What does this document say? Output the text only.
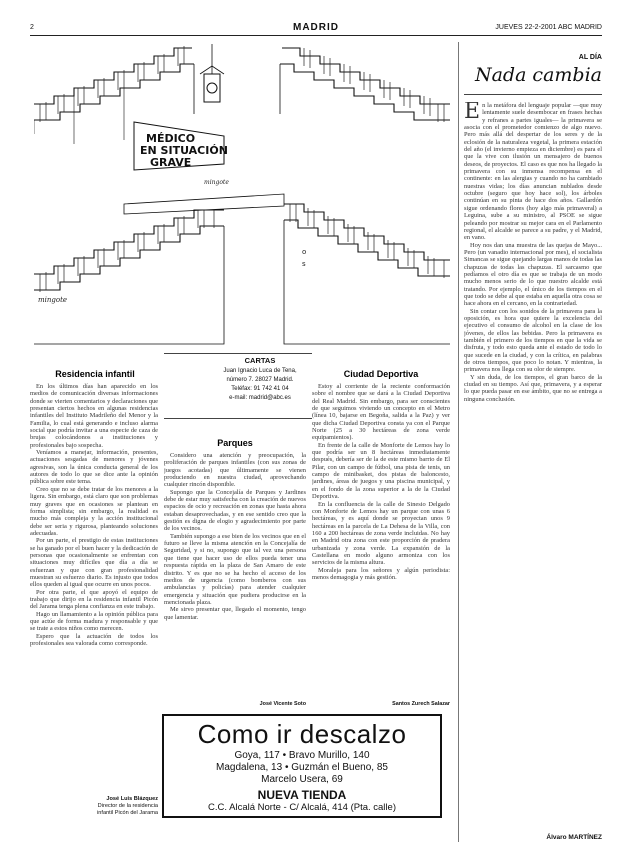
2	MADRID	JUEVES 22-2-2001 ABC MADRID
MÉDICO
EN SITUACIÓN
GRAVE
mingote
o
s
mingote
CARTAS
Juan Ignacio Luca de Tena,
número 7. 28027 Madrid.
Teléfax: 91 742 41 04
e-mail: madrid@abc.es
Residencia infantil

En los últimos días han aparecido en los medios de comunicación diversas informaciones donde se vierten comentarios y declaraciones que presentan ciertos hechos en algunas residencias infantiles del Instituto Madrileño del Menor y la Familia, lo cual está generando e incluso alarma social que podría invitar a una especie de caza de brujas colocándonos a instituciones y profesionales bajo sospecha.

Veníamos a manejar, información, presentes, actuaciones sesgadas de menores y jóvenes agresivas, son la única conducta general de los autores de todo lo que se dice ante la opinión pública sobre este tema.

Creo que no se debe tratar de los menores a la ligera. Sin embargo, está claro que son problemas muy graves que en ocasiones se plantean en forma simplista; sin embargo, la realidad es mucho más compleja y la acción institucional debe ser seria y rigurosa, planteando soluciones adecuadas.

Por un parte, el prestigio de estas instituciones se ha ganado por el buen hacer y la dedicación de personas que ocasionalmente se enfrentan con situaciones muy difíciles que día a día se esfuerzan y que con gran profesionalidad muestran su esfuerzo diario. Es injusto que todos ellos queden al igual que ocurre en unos pocos.

Por otra parte, el que apoyó el equipo de trabajo que dirijo en la residencia infantil Picón del Jarama tenga plena confianza en este trabajo.

Hago un llamamiento a la opinión pública para que actúe de forma madura y responsable y que se trate a estos niños como merecen.

Espero que la actuación de todos los profesionales sea valorada como corresponde.

José Luis Blázquez
Director de la residencia
infantil Picón del Jarama
Parques

Considero una atención y preocupación, la proliferación de parques infantiles (con sus zonas de juegos acotadas) que últimamente se vienen produciendo en nuestra ciudad, aprovechando cualquier rincón disponible.

Supongo que la Concejalía de Parques y Jardines debe de estar muy satisfecha con la creación de nuevos espacios de ocio y recreación en zonas que hasta ahora estaban desaprovechadas, y en ese sentido creo que la gestión es digna de elogio y agradecimiento por parte de los vecinos.

También supongo a ese bien de los vecinos que en el futuro se lleve la misma atención en la Concejalía de Seguridad, y si no, supongo que tal vez una persona que tiene que hacer uso de ellos pueda tener una respuesta rápida en la plaza de San Amaro de este distrito. Y es que no se ha hecho el acceso de los medios de urgencia (como bomberos con sus ambulancias y policías) para atender cualquier emergencia y situación que pudiera producirse en la mencionada plaza.

Me sirvo presentar que, llegado el momento, tengo que lamentar.

José Vicente Soto
Ciudad Deportiva

Estoy al corriente de la reciente conformación sobre el nombre que se dará a la Ciudad Deportiva del Real Madrid. Sin embargo, para ser conscientes de que seguimos viviendo un concepto en el Metro (línea 10, bajarse en Begoña, salida a la Paz) y ver que dicha Ciudad Deportiva consta ya con el Parque Norte (25 a 30 hectáreas de zona verde equipamientos).

En frente de la calle de Monforte de Lemos hay lo que podría ser un 8 hectáreas inmediatamente después, debería ser de la de este mismo barrio de El Pilar, con un campo de fútbol, una pista de tenis, un campo de minibasket, dos pistas de baloncesto, jardines, áreas de juegos y una piscina municipal, y en el fondo de la zona superior a la de la Ciudad Deportiva.

En la confluencia de la calle de Sinesio Delgado con Monforte de Lemos hay un parque con unas 6 hectáreas, y es aquí donde se proyectan unos 9 hectáreas en la parcela de La Dehesa de la Villa, con 160 a 200 hectáreas de zona verde incluidas. No hay en Madrid otra zona con este proporción de pradera urbanizada y zona verde. La expansión de la Castellana en modo alguno armoniza con los servicios de la misma altura.

Moraleja para los señores y algún periodista: menos demagogia y más gestión.

Santos Zurech Salazar
Como ir descalzo
Goya, 117 • Bravo Murillo, 140
Magdalena, 13 • Guzmán el Bueno, 85
Marcelo Usera, 69
NUEVA TIENDA
C.C. Alcalá Norte - C/ Alcalá, 414 (Pta. calle)
AL DÍA
Nada cambia
E n la metáfora del lenguaje popular —que muy lentamente suele desembocar en frases hechas y refranes a partes iguales— la primavera se asocia con el prometedor comienzo de algo nuevo. Pero más allá del despertar de los seres y de la eclosión de la naturaleza vegetal, la primera estación del año (el invierno empieza en diciembre) es para el que la vive con ilusión un mensajero de buenos deseos, de proyectos. El caso es que nos ha llegado la primavera con su inmensa recompensa en el continente: en las alergias y cuando no ha cambiado nuestras vidas; los días anuncian nublados desde octubre (seguro que hoy hace sol), los árboles continúan en su pinta de hace dos años. Gallardón sigue ordenando flores (hoy algo más primaveral) a Leguina, sube a su ministro, al PSOE se sigue peleando por mostrar su mejor cara en el Parlamento regional, el alcalde se parece a su padre, y el Madrid, en vano.

Hoy nos dan una muestra de las quejas de Mayo... Pero (un vanadio internacional por mes), el socialista Simancas se sigue quejando largas manos de todas las chapuzas de todas las chapuzas. El sarcasmo que pedíamos el otro día es que se trabaja de un modo mucho menos serio de lo que nuestro alcalde está tratando. Por ejemplo, el único de los tiempos en el que todo se debe al que estaba en aquella otra cosa se hace ahora en el cercano, en la contrariedad.

Sin contar con los sonidos de la primavera para la oposición, es hora que quiere la excelencia del ejecutivo el consumo de alcohol en la clase de los jóvenes, de ellos las bebidas. Pero la primavera es también el primero de los tiempos en que la vida se disfruta, y todo esto queda ante el estado de todo lo que sucede en la ciudad, y con la crítica, en palabras de otros tiempos, que poco lo notan. Y mientras, la primavera nos llega con su olor de siempre.

Y sin duda, de los tiempos, el gran barco de la ciudad en su tiempo. Así que, primavera, y a esperar lo que pueda pasar en ese ámbito, que no se entrega a ninguna conclusión.

Álvaro MARTÍNEZ
